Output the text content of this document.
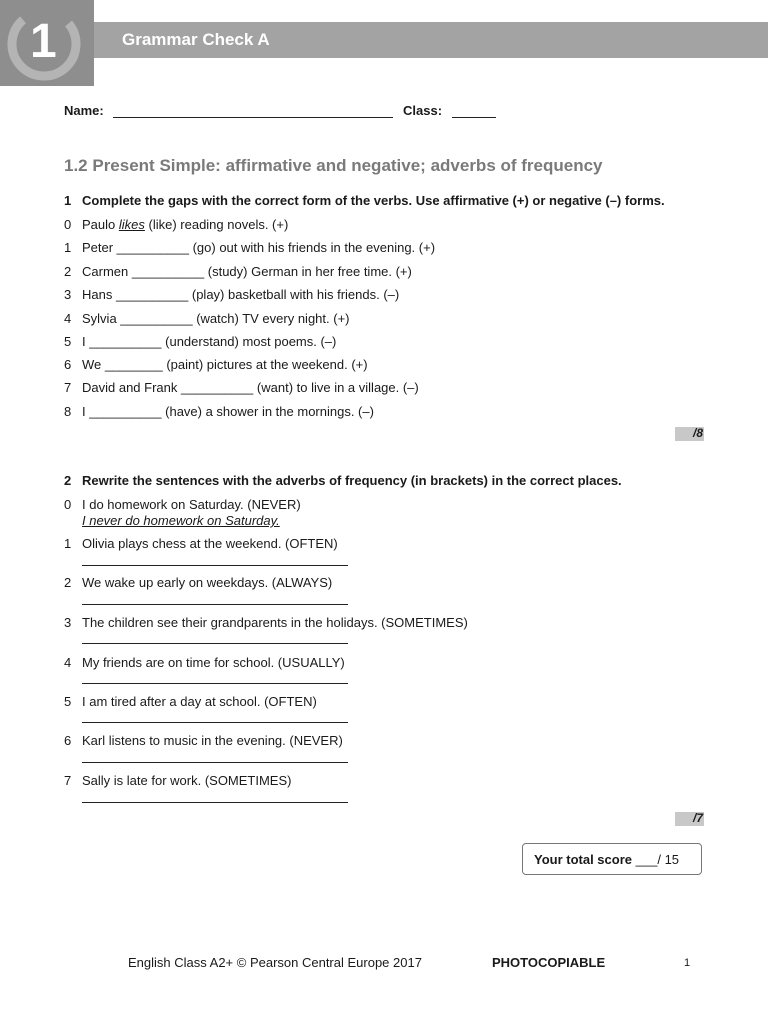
1	Grammar Check A
Name:	Class:
1.2 Present Simple: affirmative and negative; adverbs of frequency
1 Complete the gaps with the correct form of the verbs. Use affirmative (+) or negative (–) forms.
0 Paulo likes (like) reading novels. (+)
1 Peter __________ (go) out with his friends in the evening. (+)
2 Carmen __________ (study) German in her free time. (+)
3 Hans __________ (play) basketball with his friends. (–)
4 Sylvia __________ (watch) TV every night. (+)
5 I __________ (understand) most poems. (–)
6 We ________ (paint) pictures at the weekend. (+)
7 David and Frank __________ (want) to live in a village. (–)
8 I __________ (have) a shower in the mornings. (–)
/8
2 Rewrite the sentences with the adverbs of frequency (in brackets) in the correct places.
0 I do homework on Saturday. (NEVER)
I never do homework on Saturday.
1 Olivia plays chess at the weekend. (OFTEN)
2 We wake up early on weekdays. (ALWAYS)
3 The children see their grandparents in the holidays. (SOMETIMES)
4 My friends are on time for school. (USUALLY)
5 I am tired after a day at school. (OFTEN)
6 Karl listens to music in the evening. (NEVER)
7 Sally is late for work. (SOMETIMES)
/7
Your total score ___/ 15
English Class A2+ © Pearson Central Europe 2017	PHOTOCOPIABLE	1
